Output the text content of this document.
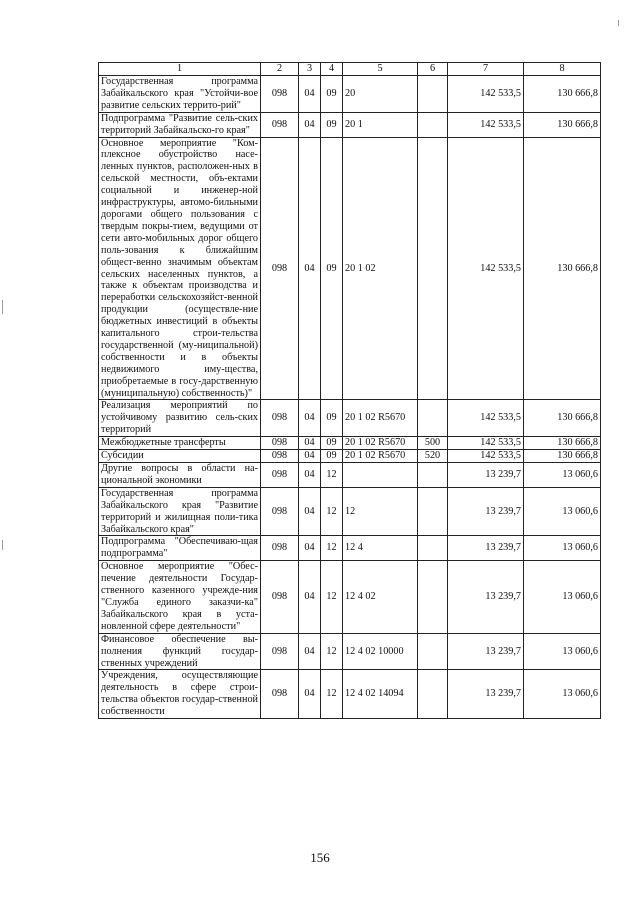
1	2	3	4	5	6	7	8
Государственная программа Забайкальского края "Устойчи-вое развитие сельских террито-рий"	098	04	09	20		142 533,5	130 666,8
Подпрограмма "Развитие сель-ских территорий Забайкальско-го края"	098	04	09	20 1		142 533,5	130 666,8
Основное мероприятие "Ком-плексное обустройство насе-ленных пунктов, расположен-ных в сельской местности, объ-ектами социальной и инженер-ной инфраструктуры, автомо-бильными дорогами общего пользования с твердым покры-тием, ведущими от сети авто-мобильных дорог общего поль-зования к ближайшим общест-венно значимым объектам сельских населенных пунктов, а также к объектам производства и переработки сельскохозяйст-венной продукции (осуществле-ние бюджетных инвестиций в объекты капитального строи-тельства государственной (му-ниципальной) собственности и в объекты недвижимого иму-щества, приобретаемые в госу-дарственную (муниципальную) собственность)"	098	04	09	20 1 02		142 533,5	130 666,8
Реализация мероприятий по устойчивому развитию сель-ских территорий	098	04	09	20 1 02 R5670		142 533,5	130 666,8
Межбюджетные трансферты	098	04	09	20 1 02 R5670	500	142 533,5	130 666,8
Субсидии	098	04	09	20 1 02 R5670	520	142 533,5	130 666,8
Другие вопросы в области на-циональной экономики	098	04	12			13 239,7	13 060,6
Государственная программа Забайкальского края "Развитие территорий и жилищная поли-тика Забайкальского края"	098	04	12	12		13 239,7	13 060,6
Подпрограмма "Обеспечиваю-щая подпрограмма"	098	04	12	12 4		13 239,7	13 060,6
Основное мероприятие "Обес-печение деятельности Государ-ственного казенного учрежде-ния "Служба единого заказчи-ка" Забайкальского края в уста-новленной сфере деятельности"	098	04	12	12 4 02		13 239,7	13 060,6
Финансовое обеспечение вы-полнения функций государ-ственных учреждений	098	04	12	12 4 02 10000		13 239,7	13 060,6
Учреждения, осуществляющие деятельность в сфере строи-тельства объектов государ-ственной собственности	098	04	12	12 4 02 14094		13 239,7	13 060,6
156
